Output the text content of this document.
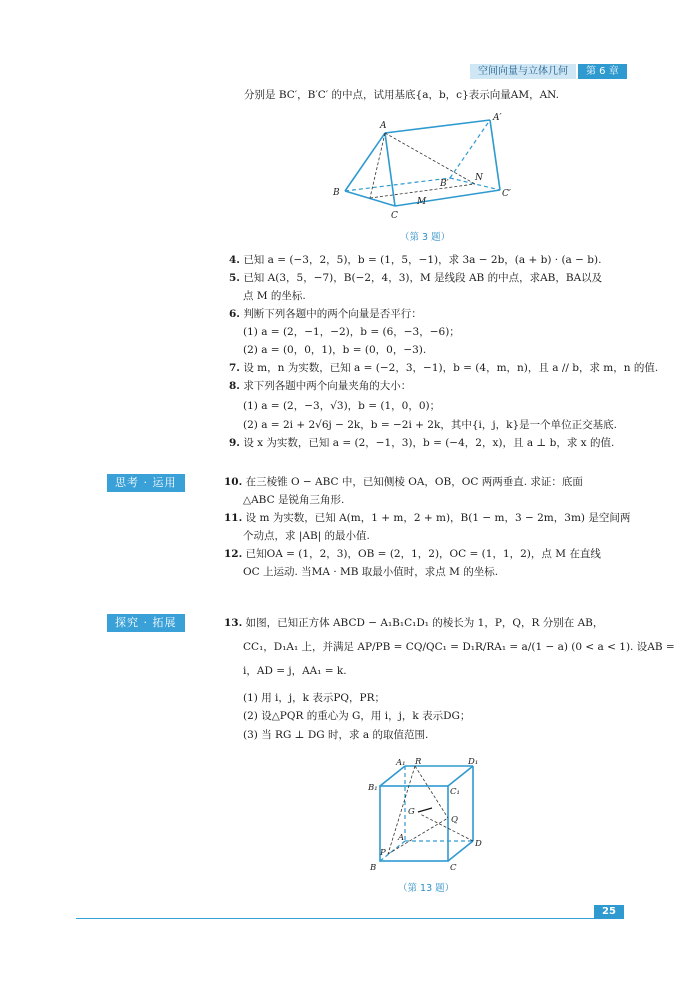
空间向量与立体几何	第 6 章
分别是 BC′，B′C′ 的中点，试用基底{a，b，c}表示向量AM，AN.
A
A′
B
B′
C
C′
M
N
（第 3 题）
4. 已知 a = (−3，2，5)，b = (1，5，−1)，求 3a − 2b，(a + b) · (a − b).
5. 已知 A(3，5，−7)，B(−2，4，3)，M 是线段 AB 的中点，求AB，BA以及
点 M 的坐标.
6. 判断下列各题中的两个向量是否平行：
(1) a = (2，−1，−2)，b = (6，−3，−6)；
(2) a = (0，0，1)，b = (0，0，−3).
7. 设 m，n 为实数，已知 a = (−2，3，−1)，b = (4，m，n)，且 a // b，求 m，n 的值.
8. 求下列各题中两个向量夹角的大小：
(1) a = (2，−3，√3)，b = (1，0，0)；
(2) a = 2i + 2√6j − 2k，b = −2i + 2k，其中{i，j，k}是一个单位正交基底.
9. 设 x 为实数，已知 a = (2，−1，3)，b = (−4，2，x)，且 a ⊥ b，求 x 的值.
思考 · 运用	10. 在三棱锥 O − ABC 中，已知侧棱 OA，OB，OC 两两垂直. 求证：底面
△ABC 是锐角三角形.
11. 设 m 为实数，已知 A(m，1 + m，2 + m)，B(1 − m，3 − 2m，3m) 是空间两
个动点，求 |AB| 的最小值.
12. 已知OA = (1，2，3)，OB = (2，1，2)，OC = (1，1，2)，点 M 在直线
OC 上运动. 当MA · MB 取最小值时，求点 M 的坐标.
探究 · 拓展	13. 如图，已知正方体 ABCD − A₁B₁C₁D₁ 的棱长为 1，P，Q，R 分别在 AB，
CC₁，D₁A₁ 上，并满足 AP/PB = CQ/QC₁ = D₁R/RA₁ = a/(1 − a) (0 < a < 1). 设AB =
i，AD = j，AA₁ = k.
(1) 用 i，j，k 表示PQ，PR；
(2) 设△PQR 的重心为 G，用 i，j，k 表示DG；
(3) 当 RG ⊥ DG 时，求 a 的取值范围.
A₁ R	D₁
B₁	C₁
G
Q
A
D
P
B	C
（第 13 题）
25
